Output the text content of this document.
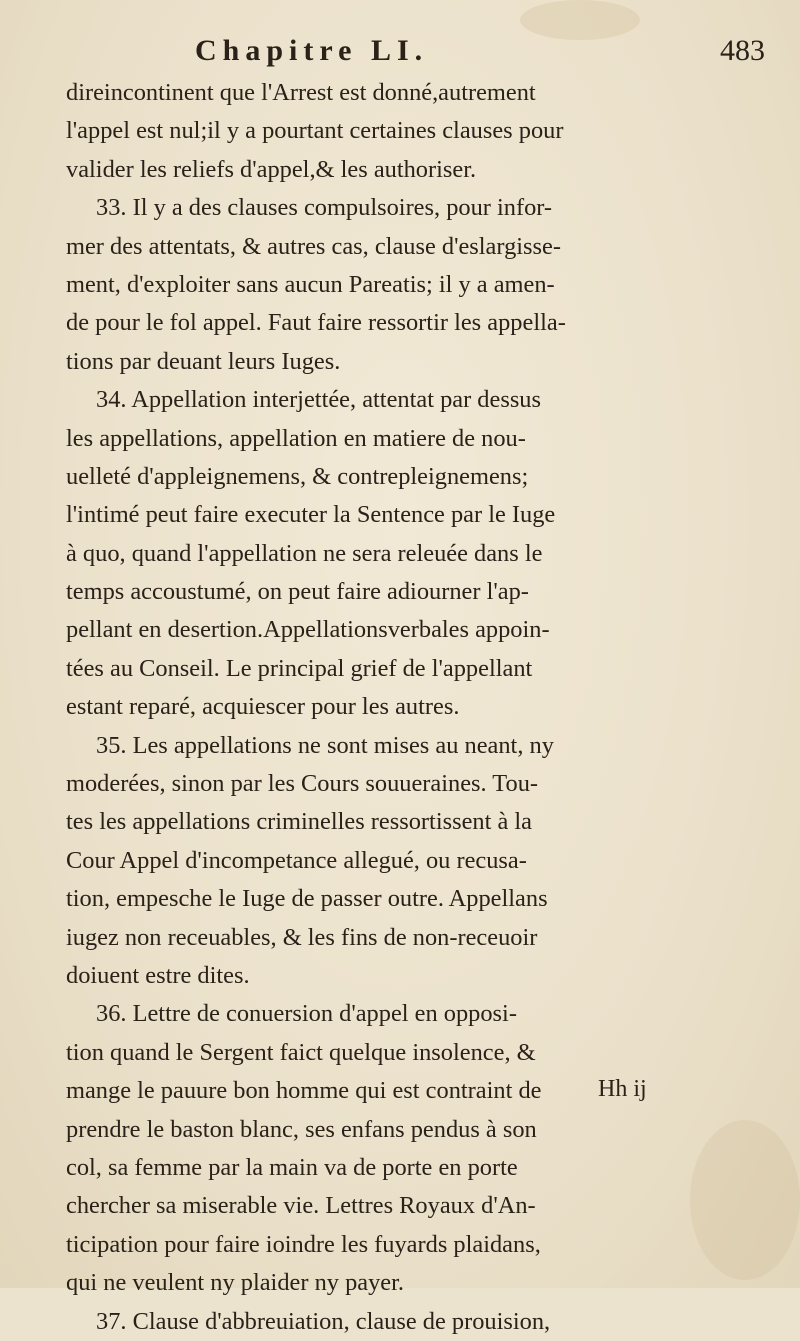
Chapitre LI.	483
direincontinent que l'Arrest est donné,autrement
l'appel est nul;il y a pourtant certaines clauses pour
valider les reliefs d'appel,& les authoriser.
33. Il y a des clauses compulsoires, pour infor-
mer des attentats, & autres cas, clause d'eslargisse-
ment, d'exploiter sans aucun Pareatis; il y a amen-
de pour le fol appel. Faut faire ressortir les appella-
tions par deuant leurs Iuges.
34. Appellation interjettée, attentat par dessus
les appellations, appellation en matiere de nou-
uelleté d'appleignemens, & contrepleignemens;
l'intimé peut faire executer la Sentence par le Iuge
à quo, quand l'appellation ne sera releuée dans le
temps accoustumé, on peut faire adiourner l'ap-
pellant en desertion.Appellationsverbales appoin-
tées au Conseil. Le principal grief de l'appellant
estant reparé, acquiescer pour les autres.
35. Les appellations ne sont mises au neant, ny
moderées, sinon par les Cours souueraines. Tou-
tes les appellations criminelles ressortissent à la
Cour Appel d'incompetance allegué, ou recusa-
tion, empesche le Iuge de passer outre. Appellans
iugez non receuables, & les fins de non-receuoir
doiuent estre dites.
36. Lettre de conuersion d'appel en opposi-
tion quand le Sergent faict quelque insolence, &
mange le pauure bon homme qui est contraint de
prendre le baston blanc, ses enfans pendus à son
col, sa femme par la main va de porte en porte
chercher sa miserable vie. Lettres Royaux d'An-
ticipation pour faire ioindre les fuyards plaidans,
qui ne veulent ny plaider ny payer.
37. Clause d'abbreuiation, clause de prouision,
Hh ij
